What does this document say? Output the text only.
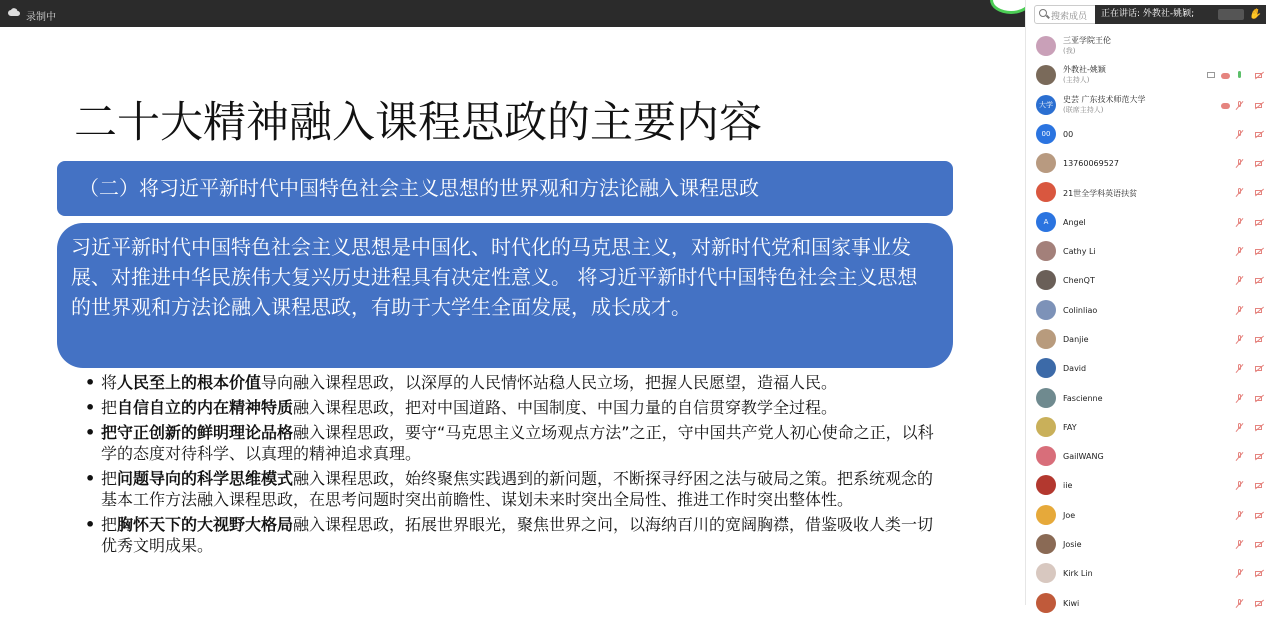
录制中
二十大精神融入课程思政的主要内容
（二）将习近平新时代中国特色社会主义思想的世界观和方法论融入课程思政
习近平新时代中国特色社会主义思想是中国化、时代化的马克思主义，对新时代党和国家事业发展、对推进中华民族伟大复兴历史进程具有决定性意义。 将习近平新时代中国特色社会主义思想的世界观和方法论融入课程思政，有助于大学生全面发展，成长成才。
• 将人民至上的根本价值导向融入课程思政，以深厚的人民情怀站稳人民立场，把握人民愿望，造福人民。
• 把自信自立的内在精神特质融入课程思政，把对中国道路、中国制度、中国力量的自信贯穿教学全过程。
• 把守正创新的鲜明理论品格融入课程思政，要守“马克思主义立场观点方法”之正，守中国共产党人初心使命之正，以科学的态度对待科学、以真理的精神追求真理。
• 把问题导向的科学思维模式融入课程思政，始终聚焦实践遇到的新问题，不断探寻纾困之法与破局之策。把系统观念的基本工作方法融入课程思政，在思考问题时突出前瞻性、谋划未来时突出全局性、推进工作时突出整体性。
• 把胸怀天下的大视野大格局融入课程思政，拓展世界眼光，聚焦世界之问，以海纳百川的宽阔胸襟，借鉴吸收人类一切优秀文明成果。
搜索成员	正在讲话: 外教社-姚颖;	✋
三亚学院王伦
(我)
外教社-姚颖
(主持人)
大学
史芸 广东技术师范大学
(联席主持人)
00	00
13760069527
21世全学科英语扶贫
A	Angel
Cathy Li
ChenQT
Colinliao
Danjie
David
Fascienne
FAY
GailWANG
iie
Joe
Josie
Kirk Lin
Kiwi
